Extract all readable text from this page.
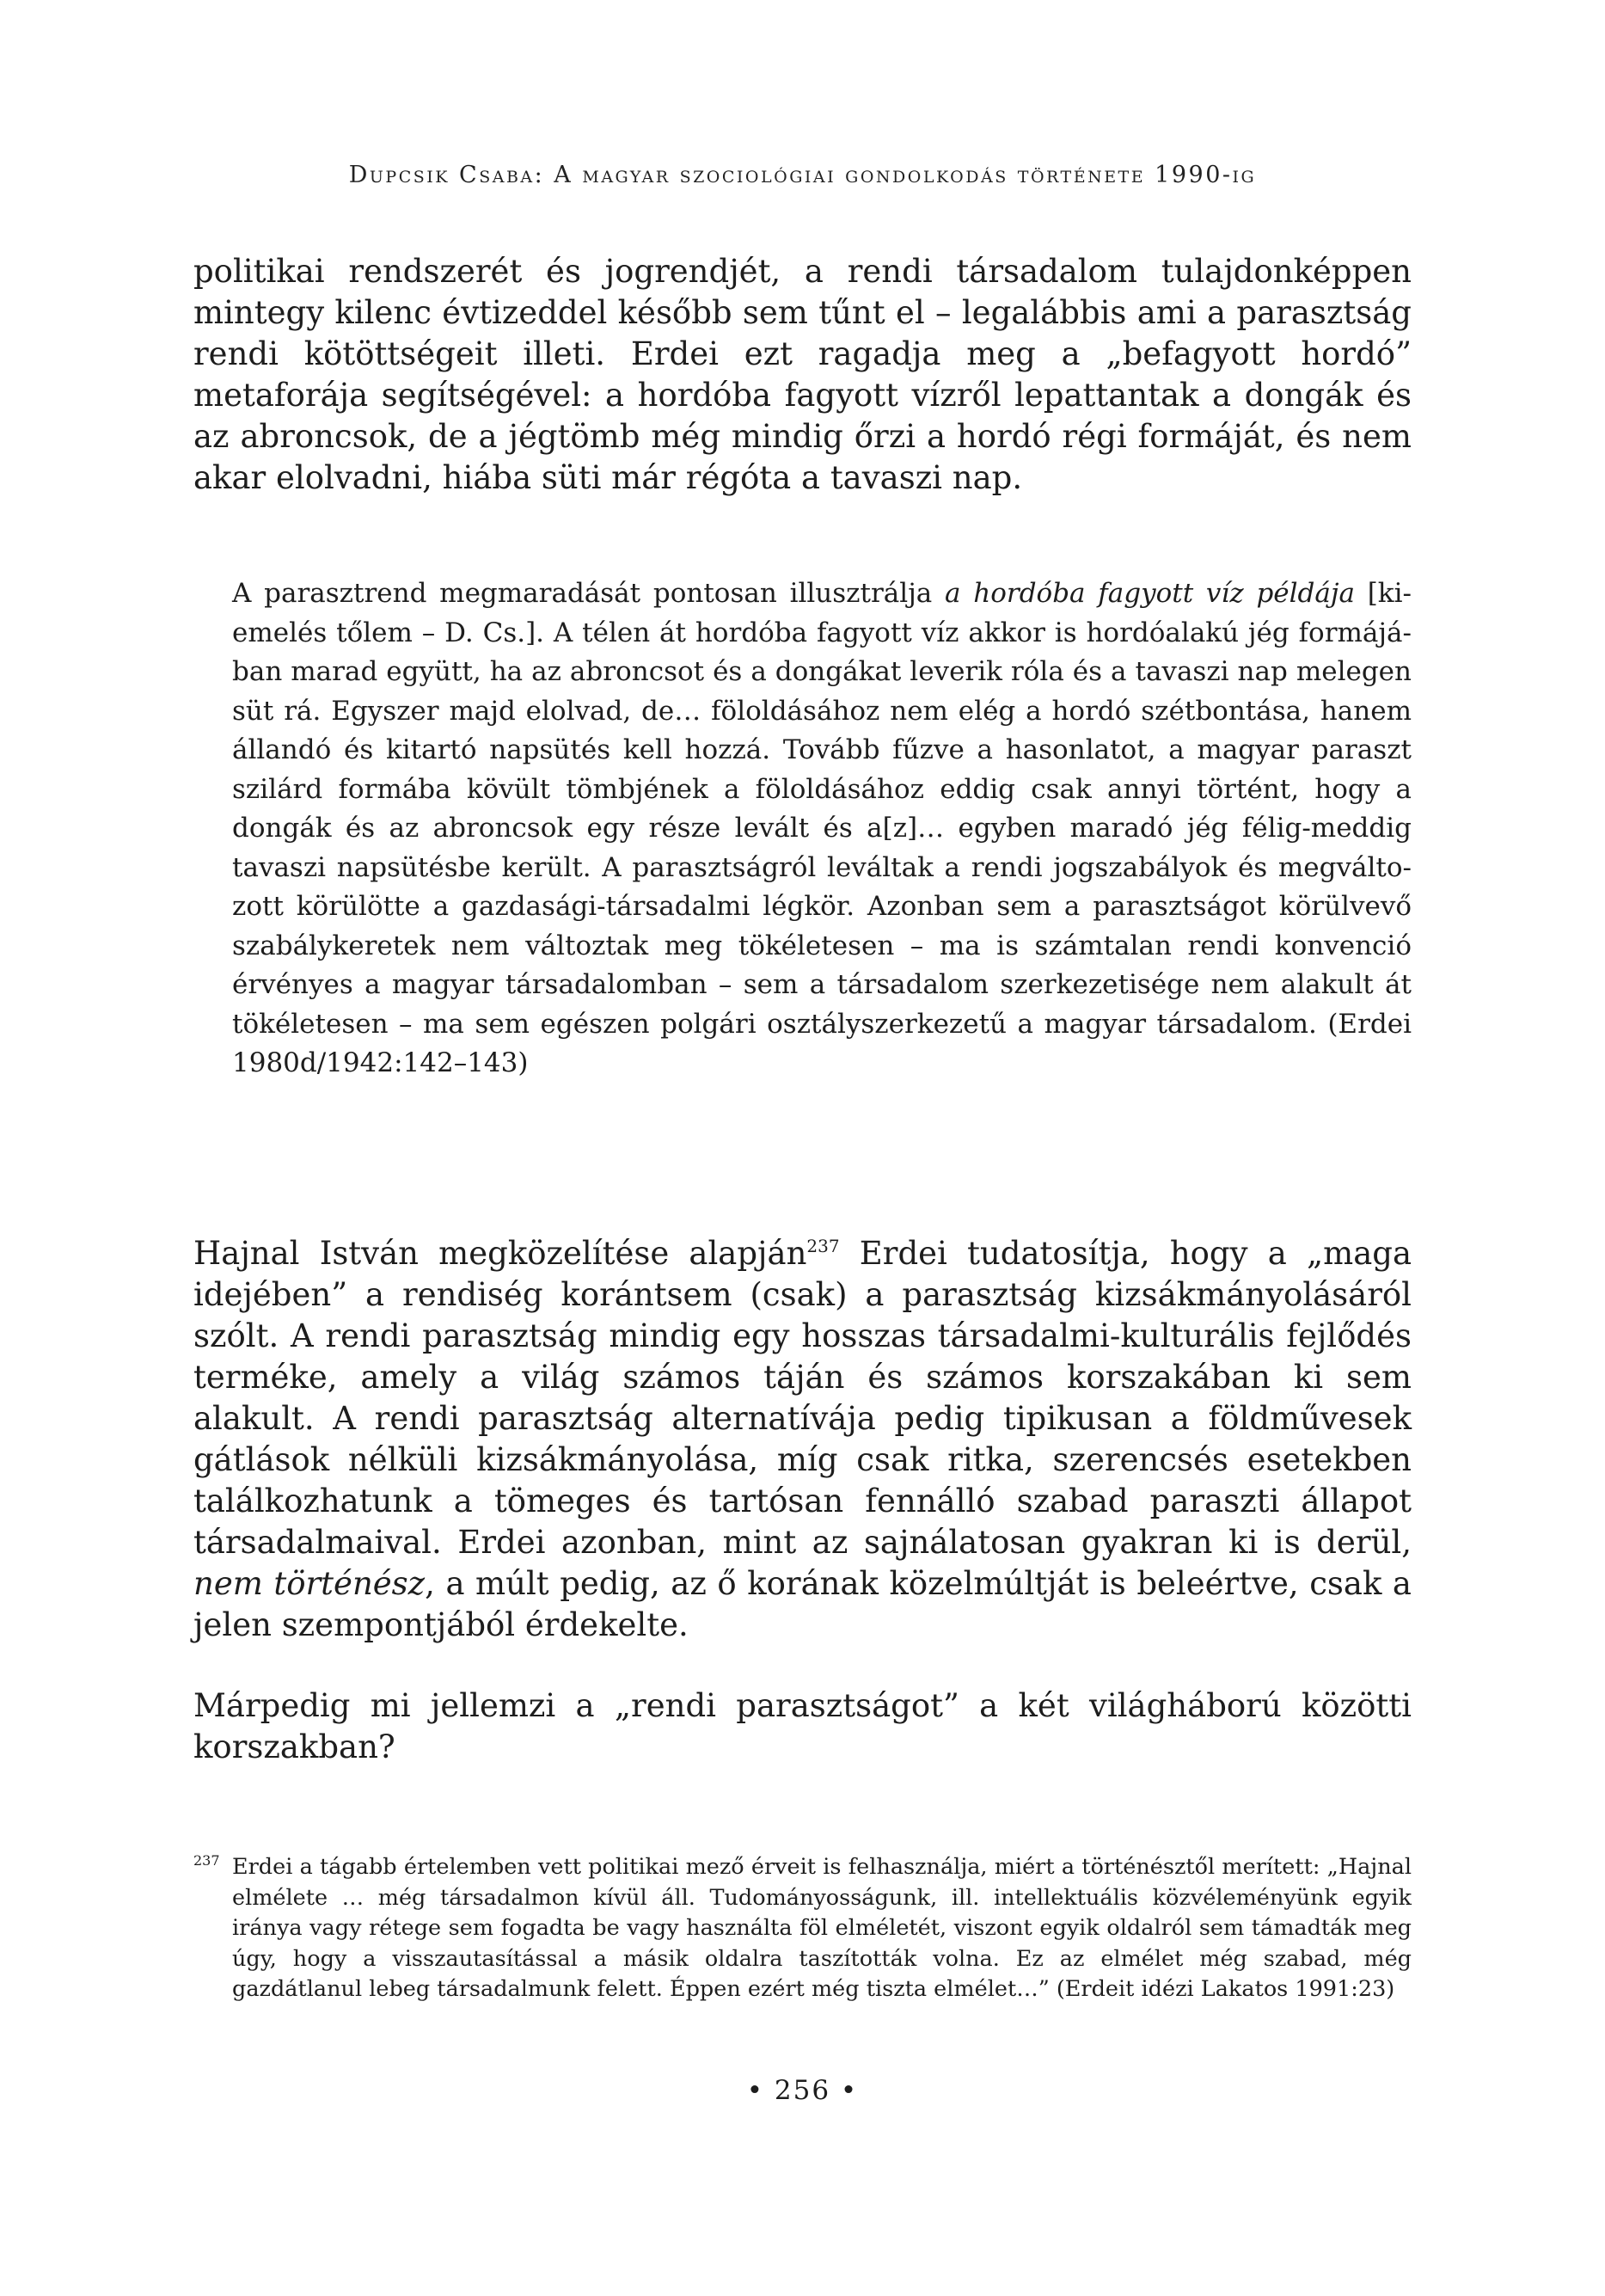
Dupcsik Csaba: A magyar szociológiai gondolkodás története 1990-ig

politikai rendszerét és jogrendjét, a rendi társadalom tulajdonképpen mintegy kilenc évtizeddel később sem tűnt el – legalábbis ami a parasztság rendi kötöttségeit illeti. Erdei ezt ragadja meg a „befagyott hordó” metaforája segítségével: a hordóba fagyott vízről lepattantak a dongák és az abroncsok, de a jégtömb még mindig őrzi a hordó régi formáját, és nem akar elolvadni, hiába süti már régóta a tavaszi nap.

A parasztrend megmaradását pontosan illusztrálja a hordóba fagyott víz példája [kiemelés tőlem – D. Cs.]. A télen át hordóba fagyott víz akkor is hordóalakú jég formájában marad együtt, ha az abroncsot és a dongákat leverik róla és a tavaszi nap melegen süt rá. Egyszer majd elolvad, de… föloldásához nem elég a hordó szétbontása, hanem állandó és kitartó napsütés kell hozzá. Tovább fűzve a hasonlatot, a magyar paraszt szilárd formába kövült tömbjének a föloldásához eddig csak annyi történt, hogy a dongák és az abroncsok egy része levált és a[z]… egyben maradó jég félig-meddig tavaszi napsütésbe került. A parasztságról leváltak a rendi jogszabályok és megváltozott körülötte a gazdasági-társadalmi légkör. Azonban sem a parasztságot körülvevő szabálykeretek nem változtak meg tökéletesen – ma is számtalan rendi konvenció érvényes a magyar társadalomban – sem a társadalom szerkezetisége nem alakult át tökéletesen – ma sem egészen polgári osztályszerkezetű a magyar társadalom. (Erdei 1980d/1942:142–143)

Hajnal István megközelítése alapján$^{237}$ Erdei tudatosítja, hogy a „maga idejében” a rendiség korántsem (csak) a parasztság kizsákmányolásáról szólt. A rendi parasztság mindig egy hosszas társadalmi-kulturális fejlődés terméke, amely a világ számos táján és számos korszakában ki sem alakult. A rendi parasztság alternatívája pedig tipikusan a földművesek gátlások nélküli kizsákmányolása, míg csak ritka, szerencsés esetekben találkozhatunk a tömeges és tartósan fennálló szabad paraszti állapot társadalmaival. Erdei azonban, mint az sajnálatosan gyakran ki is derül, nem történész, a múlt pedig, az ő korának közelmúltját is beleértve, csak a jelen szempontjából érdekelte.

Márpedig mi jellemzi a „rendi parasztságot” a két világháború közötti korszakban?

237 Erdei a tágabb értelemben vett politikai mező érveit is felhasználja, miért a történésztől merített: „Hajnal elmélete … még társadalmon kívül áll. Tudományosságunk, ill. intellektuális közvéleményünk egyik iránya vagy rétege sem fogadta be vagy használta föl elméletét, viszont egyik oldalról sem támadták meg úgy, hogy a visszautasítással a másik oldalra taszították volna. Ez az elmélet még szabad, még gazdátlanul lebeg társadalmunk felett. Éppen ezért még tiszta elmélet…” (Erdeit idézi Lakatos 1991:23)
• 256 •
